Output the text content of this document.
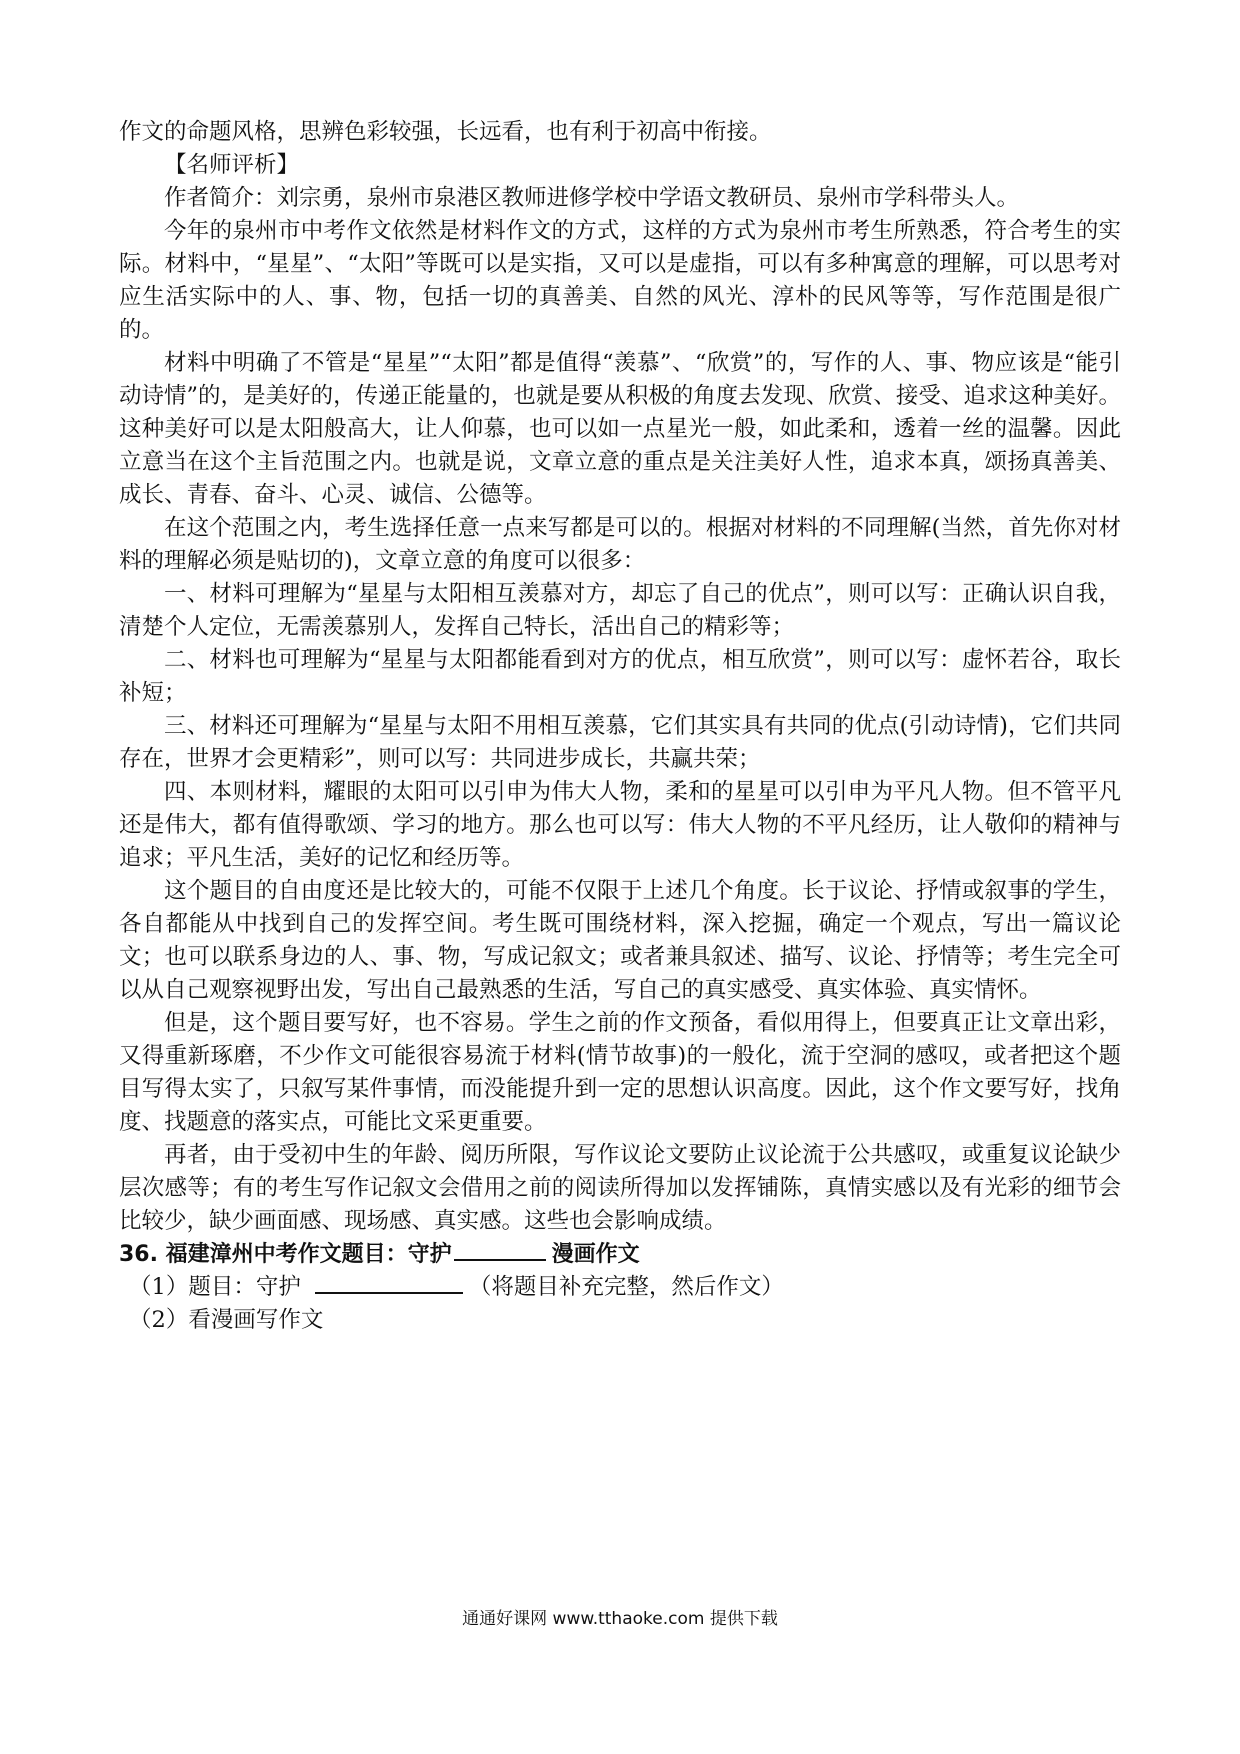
作文的命题风格，思辨色彩较强，长远看，也有利于初高中衔接。

【名师评析】

作者简介：刘宗勇，泉州市泉港区教师进修学校中学语文教研员、泉州市学科带头人。

今年的泉州市中考作文依然是材料作文的方式，这样的方式为泉州市考生所熟悉，符合考生的实际。材料中，“星星”、“太阳”等既可以是实指，又可以是虚指，可以有多种寓意的理解，可以思考对应生活实际中的人、事、物，包括一切的真善美、自然的风光、淳朴的民风等等，写作范围是很广的。

材料中明确了不管是“星星”“太阳”都是值得“羡慕”、“欣赏”的，写作的人、事、物应该是“能引动诗情”的，是美好的，传递正能量的，也就是要从积极的角度去发现、欣赏、接受、追求这种美好。这种美好可以是太阳般高大，让人仰慕，也可以如一点星光一般，如此柔和，透着一丝的温馨。因此立意当在这个主旨范围之内。也就是说，文章立意的重点是关注美好人性，追求本真，颂扬真善美、成长、青春、奋斗、心灵、诚信、公德等。

在这个范围之内，考生选择任意一点来写都是可以的。根据对材料的不同理解(当然，首先你对材料的理解必须是贴切的)，文章立意的角度可以很多：

一、材料可理解为“星星与太阳相互羡慕对方，却忘了自己的优点”，则可以写：正确认识自我，清楚个人定位，无需羡慕别人，发挥自己特长，活出自己的精彩等；

二、材料也可理解为“星星与太阳都能看到对方的优点，相互欣赏”，则可以写：虚怀若谷，取长补短；

三、材料还可理解为“星星与太阳不用相互羡慕，它们其实具有共同的优点(引动诗情)，它们共同存在，世界才会更精彩”，则可以写：共同进步成长，共赢共荣；

四、本则材料，耀眼的太阳可以引申为伟大人物，柔和的星星可以引申为平凡人物。但不管平凡还是伟大，都有值得歌颂、学习的地方。那么也可以写：伟大人物的不平凡经历，让人敬仰的精神与追求；平凡生活，美好的记忆和经历等。

这个题目的自由度还是比较大的，可能不仅限于上述几个角度。长于议论、抒情或叙事的学生，各自都能从中找到自己的发挥空间。考生既可围绕材料，深入挖掘，确定一个观点，写出一篇议论文；也可以联系身边的人、事、物，写成记叙文；或者兼具叙述、描写、议论、抒情等；考生完全可以从自己观察视野出发，写出自己最熟悉的生活，写自己的真实感受、真实体验、真实情怀。

但是，这个题目要写好，也不容易。学生之前的作文预备，看似用得上，但要真正让文章出彩，又得重新琢磨，不少作文可能很容易流于材料(情节故事)的一般化，流于空洞的感叹，或者把这个题目写得太实了，只叙写某件事情，而没能提升到一定的思想认识高度。因此，这个作文要写好，找角度、找题意的落实点，可能比文采更重要。

再者，由于受初中生的年龄、阅历所限，写作议论文要防止议论流于公共感叹，或重复议论缺少层次感等；有的考生写作记叙文会借用之前的阅读所得加以发挥铺陈，真情实感以及有光彩的细节会比较少，缺少画面感、现场感、真实感。这些也会影响成绩。

36. 福建漳州中考作文题目：守护	漫画作文

（1）题目：守护	（将题目补充完整，然后作文）

（2）看漫画写作文

通通好课网 www.tthaoke.com 提供下载
